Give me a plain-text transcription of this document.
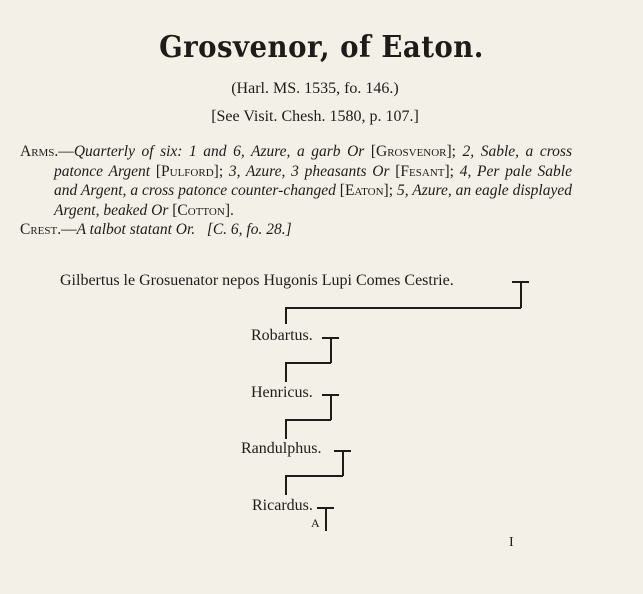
Grosvenor, of Eaton.
(Harl. MS. 1535, fo. 146.)
[See Visit. Chesh. 1580, p. 107.]
Arms.—Quarterly of six: 1 and 6, Azure, a garb Or [Grosvenor]; 2, Sable, a cross patonce Argent [Pulford]; 3, Azure, 3 pheasants Or [Fesant]; 4, Per pale Sable and Argent, a cross patonce counter-changed [Eaton]; 5, Azure, an eagle displayed Argent, beaked Or [Cotton].
Crest.—A talbot statant Or. [C. 6, fo. 28.]
Gilbertus le Grosuenator nepos Hugonis Lupi Comes Cestrie.
Robartus.
Henricus.
Randulphus.
Ricardus.
A
I
